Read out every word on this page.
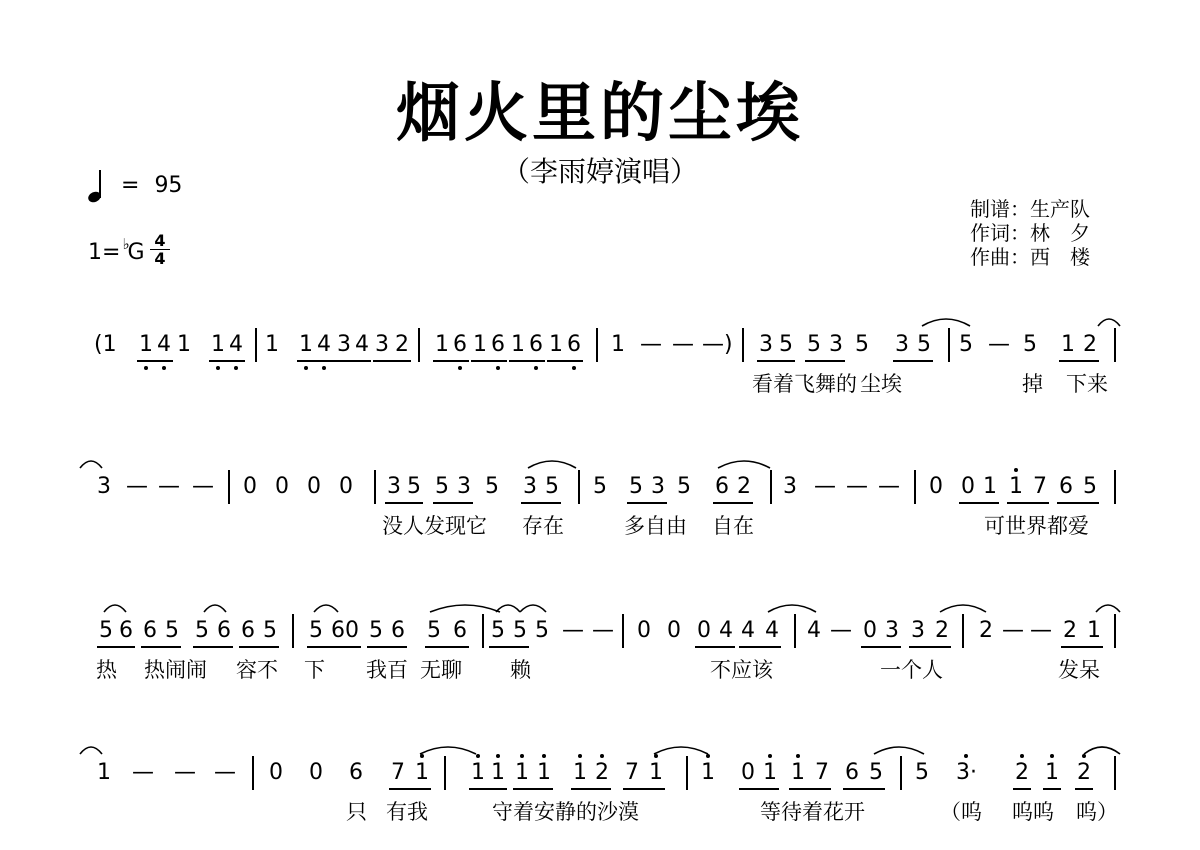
烟火里的尘埃
（李雨婷演唱）
= 95
1= ♭G 4
4
制谱：生产队
作词：林　夕
作曲：西　楼
(1 1 4 1 1 4 1 1 4 3 4 3 2 1 6 1 6 1 6 1 6 1 — — —) 3 5 5 3 5 3 5 5 — 5 1 2
看着飞舞的 尘埃	掉 下来
3 — — — 0 0 0 0 3 5 5 3 5 3 5 5 5 3 5 6 2 3 — — — 0 0 1 1 7 6 5
没人发现它 存在	多自由 自在	可世界都爱
5 6 6 5 5 6 6 5 5 6 0 5 6 5 6 5 5 5 — — 0 0 0 4 4 4 4 — 0 3 3 2 2 — — 2 1
热 热闹闹 容不 下 我百 无聊 赖	不应该	一个人	发呆
1 — — — 0 0 6 7 1 1 1 1 1 1 2 7 1 1 0 1 1 7 6 5 5 3· 2 1 2
只 有我	守着安静的沙漠	等待着花开	（呜 呜呜 呜）
